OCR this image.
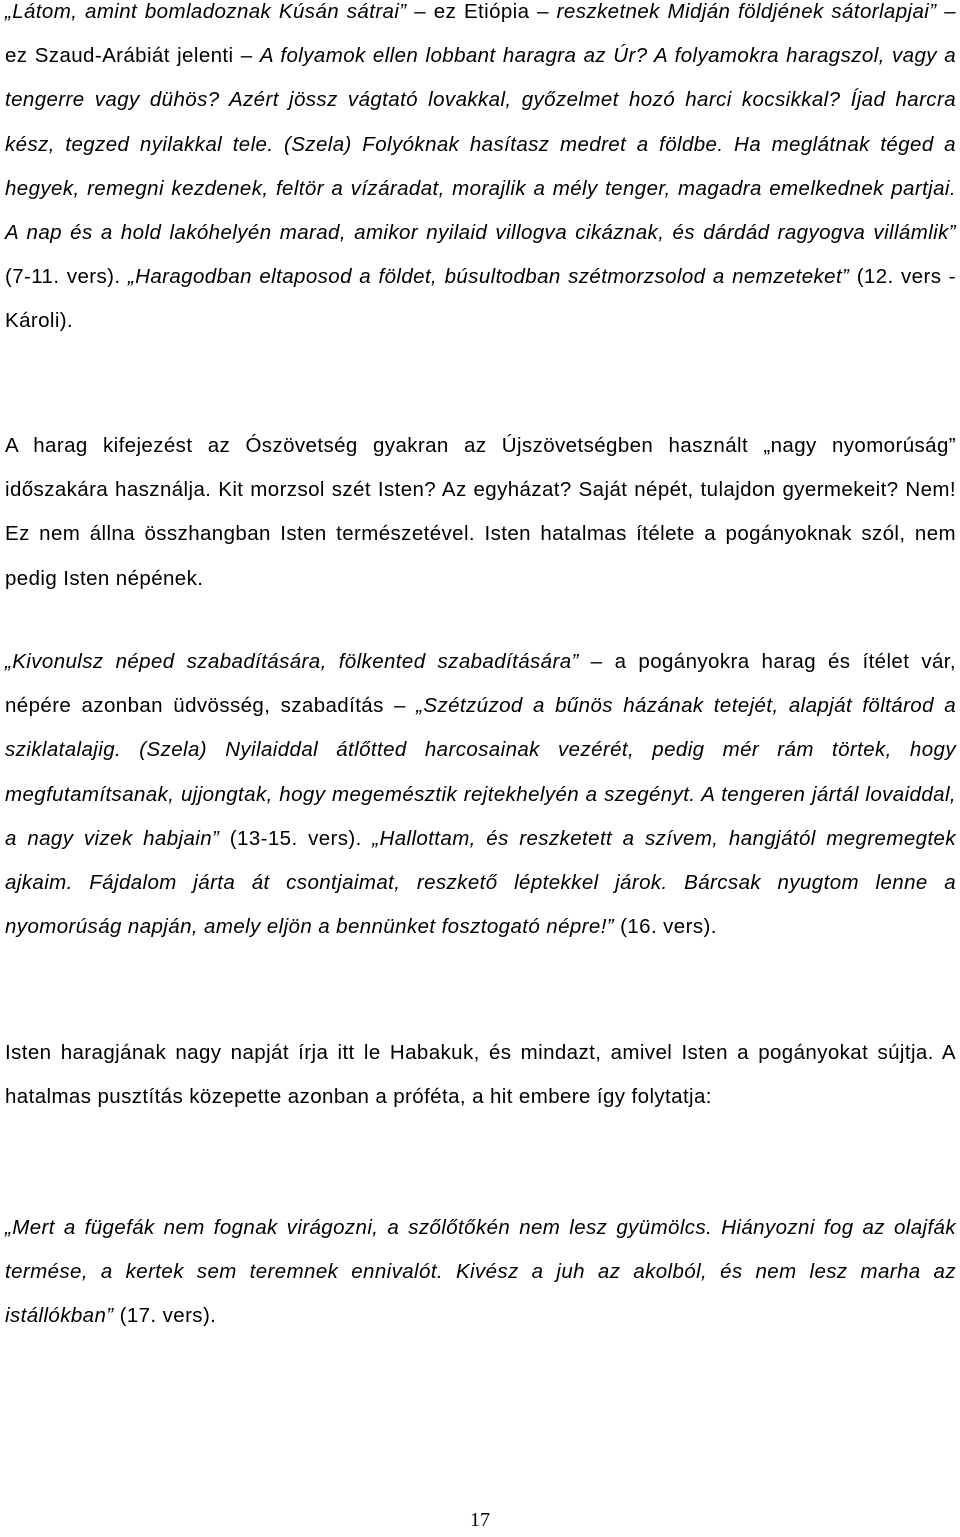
„Látom, amint bomladoznak Kúsán sátrai” – ez Etiópia – reszketnek Midján földjének sátorlapjai” – ez Szaud-Arábiát jelenti – A folyamok ellen lobbant haragra az Úr? A folyamokra haragszol, vagy a tengerre vagy dühös? Azért jössz vágtató lovakkal, győzelmet hozó harci kocsikkal? Íjad harcra kész, tegzed nyilakkal tele. (Szela) Folyóknak hasítasz medret a földbe. Ha meglátnak téged a hegyek, remegni kezdenek, feltör a vízáradat, morajlik a mély tenger, magadra emelkednek partjai. A nap és a hold lakóhelyén marad, amikor nyilaid villogva cikáznak, és dárdád ragyogva villámlik” (7-11. vers). „Haragodban eltaposod a földet, búsultodban szétmorzsolod a nemzeteket” (12. vers - Károli).

A harag kifejezést az Ószövetség gyakran az Újszövetségben használt „nagy nyomorúság” időszakára használja. Kit morzsol szét Isten? Az egyházat? Saját népét, tulajdon gyermekeit? Nem! Ez nem állna összhangban Isten természetével. Isten hatalmas ítélete a pogányoknak szól, nem pedig Isten népének.

„Kivonulsz néped szabadítására, fölkented szabadítására” – a pogányokra harag és ítélet vár, népére azonban üdvösség, szabadítás – „Szétzúzod a bűnös házának tetejét, alapját föltárod a sziklatalajig. (Szela) Nyilaiddal átlőtted harcosainak vezérét, pedig mér rám törtek, hogy megfutamítsanak, ujjongtak, hogy megemésztik rejtekhelyén a szegényt. A tengeren jártál lovaiddal, a nagy vizek habjain” (13-15. vers). „Hallottam, és reszketett a szívem, hangjától megremegtek ajkaim. Fájdalom járta át csontjaimat, reszkető léptekkel járok. Bárcsak nyugtom lenne a nyomorúság napján, amely eljön a bennünket fosztogató népre!” (16. vers).

Isten haragjának nagy napját írja itt le Habakuk, és mindazt, amivel Isten a pogányokat sújtja. A hatalmas pusztítás közepette azonban a próféta, a hit embere így folytatja:

„Mert a fügefák nem fognak virágozni, a szőlőtőkén nem lesz gyümölcs. Hiányozni fog az olajfák termése, a kertek sem teremnek ennivalót. Kivész a juh az akolból, és nem lesz marha az istállókban” (17. vers).

17
